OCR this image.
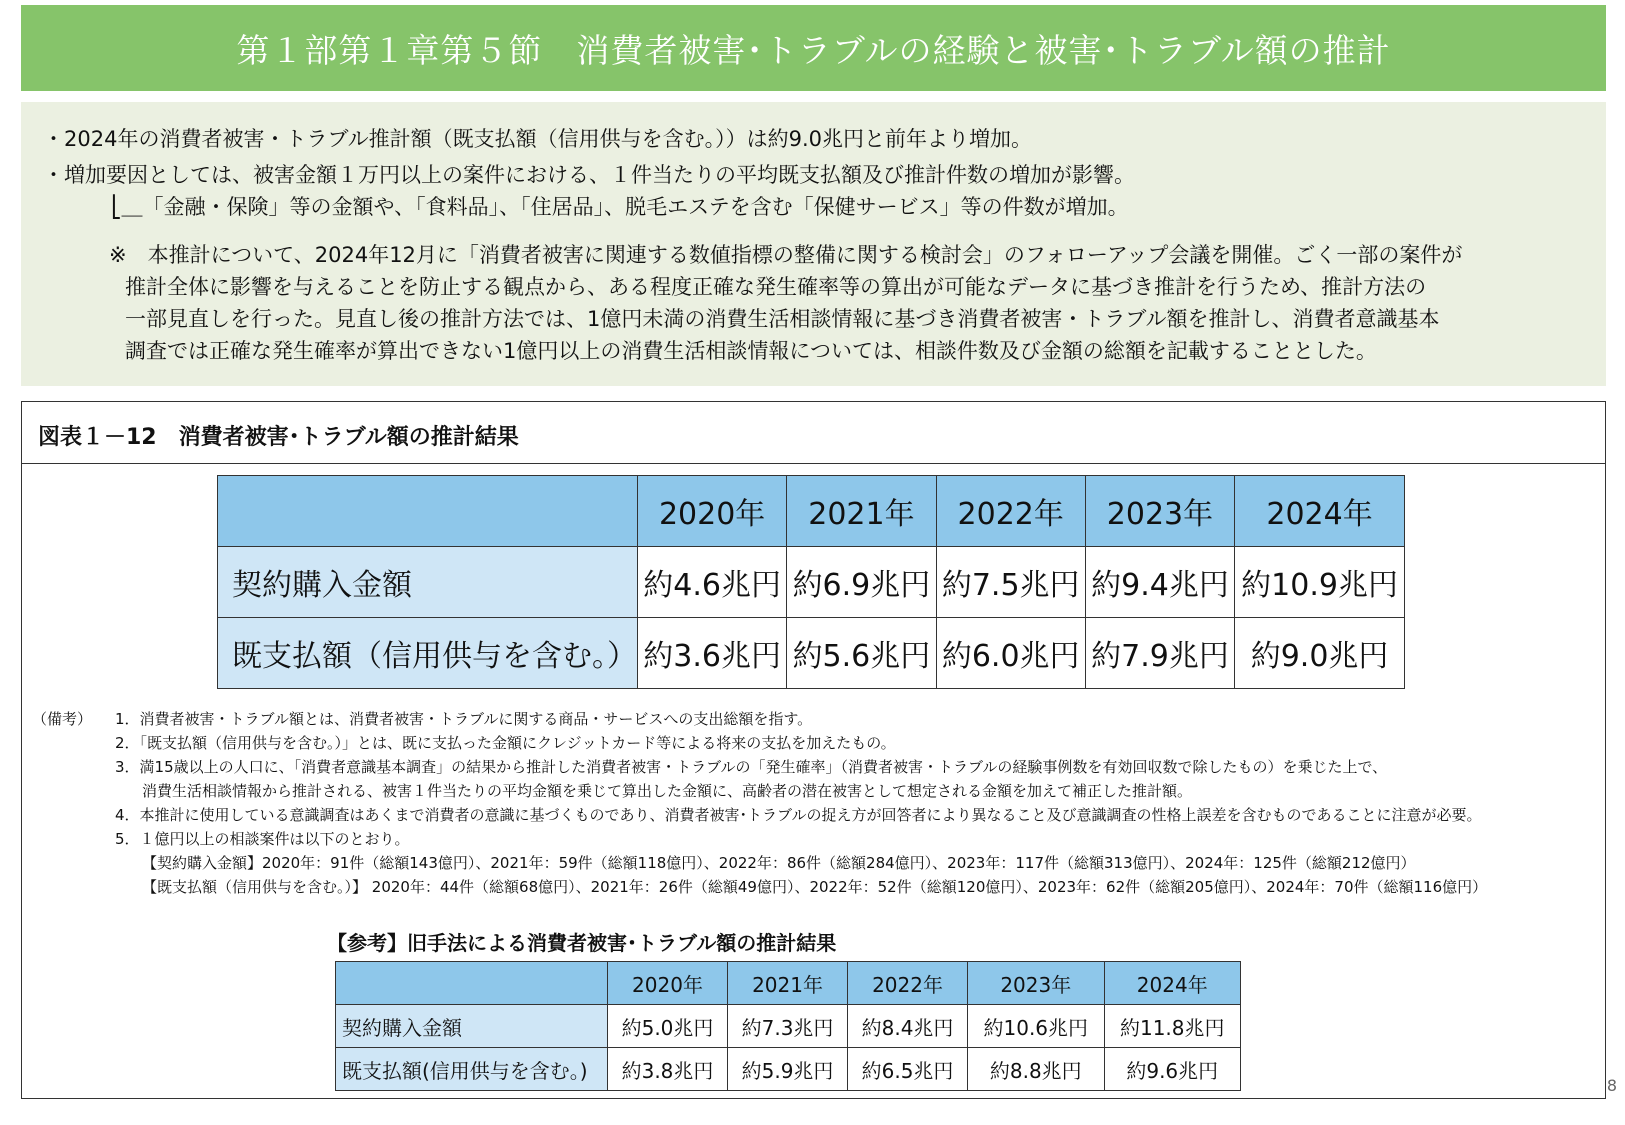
第１部第１章第５節　消費者被害･トラブルの経験と被害･トラブル額の推計

・2024年の消費者被害・トラブル推計額（既支払額（信用供与を含む。））は約9.0兆円と前年より増加。

・増加要因としては、被害金額１万円以上の案件における、１件当たりの平均既支払額及び推計件数の増加が影響。

⎣＿「金融・保険」等の金額や、「食料品」、「住居品」、脱毛エステを含む「保健サービス」等の件数が増加。

※　本推計について、2024年12月に「消費者被害に関連する数値指標の整備に関する検討会」のフォローアップ会議を開催。ごく一部の案件が

推計全体に影響を与えることを防止する観点から、ある程度正確な発生確率等の算出が可能なデータに基づき推計を行うため、推計方法の

一部見直しを行った。見直し後の推計方法では、1億円未満の消費生活相談情報に基づき消費者被害・トラブル額を推計し、消費者意識基本

調査では正確な発生確率が算出できない1億円以上の消費生活相談情報については、相談件数及び金額の総額を記載することとした。

図表１－12　消費者被害･トラブル額の推計結果
	2020年	2021年	2022年	2023年	2024年
契約購入金額	約4.6兆円	約6.9兆円	約7.5兆円	約9.4兆円	約10.9兆円
既支払額（信用供与を含む。）	約3.6兆円	約5.6兆円	約6.0兆円	約7.9兆円	約9.0兆円
（備考） 1．消費者被害・トラブル額とは、消費者被害・トラブルに関する商品・サービスへの支出総額を指す。
2．「既支払額（信用供与を含む。）」とは、既に支払った金額にクレジットカード等による将来の支払を加えたもの。
3．満15歳以上の人口に、「消費者意識基本調査」の結果から推計した消費者被害・トラブルの「発生確率」（消費者被害・トラブルの経験事例数を有効回収数で除したもの）を乗じた上で、
消費生活相談情報から推計される、被害１件当たりの平均金額を乗じて算出した金額に、高齢者の潜在被害として想定される金額を加えて補正した推計額。
4．本推計に使用している意識調査はあくまで消費者の意識に基づくものであり、消費者被害･トラブルの捉え方が回答者により異なること及び意識調査の性格上誤差を含むものであることに注意が必要。
5．１億円以上の相談案件は以下のとおり。
【契約購入金額】2020年：91件（総額143億円）、2021年：59件（総額118億円）、2022年：86件（総額284億円）、2023年：117件（総額313億円）、2024年：125件（総額212億円）
【既支払額（信用供与を含む。）】 2020年：44件（総額68億円）、2021年：26件（総額49億円）、2022年：52件（総額120億円）、2023年：62件（総額205億円）、2024年：70件（総額116億円）
【参考】旧手法による消費者被害･トラブル額の推計結果
	2020年	2021年	2022年	2023年	2024年
契約購入金額	約5.0兆円	約7.3兆円	約8.4兆円	約10.6兆円	約11.8兆円
既支払額(信用供与を含む。)	約3.8兆円	約5.9兆円	約6.5兆円	約8.8兆円	約9.6兆円
8
